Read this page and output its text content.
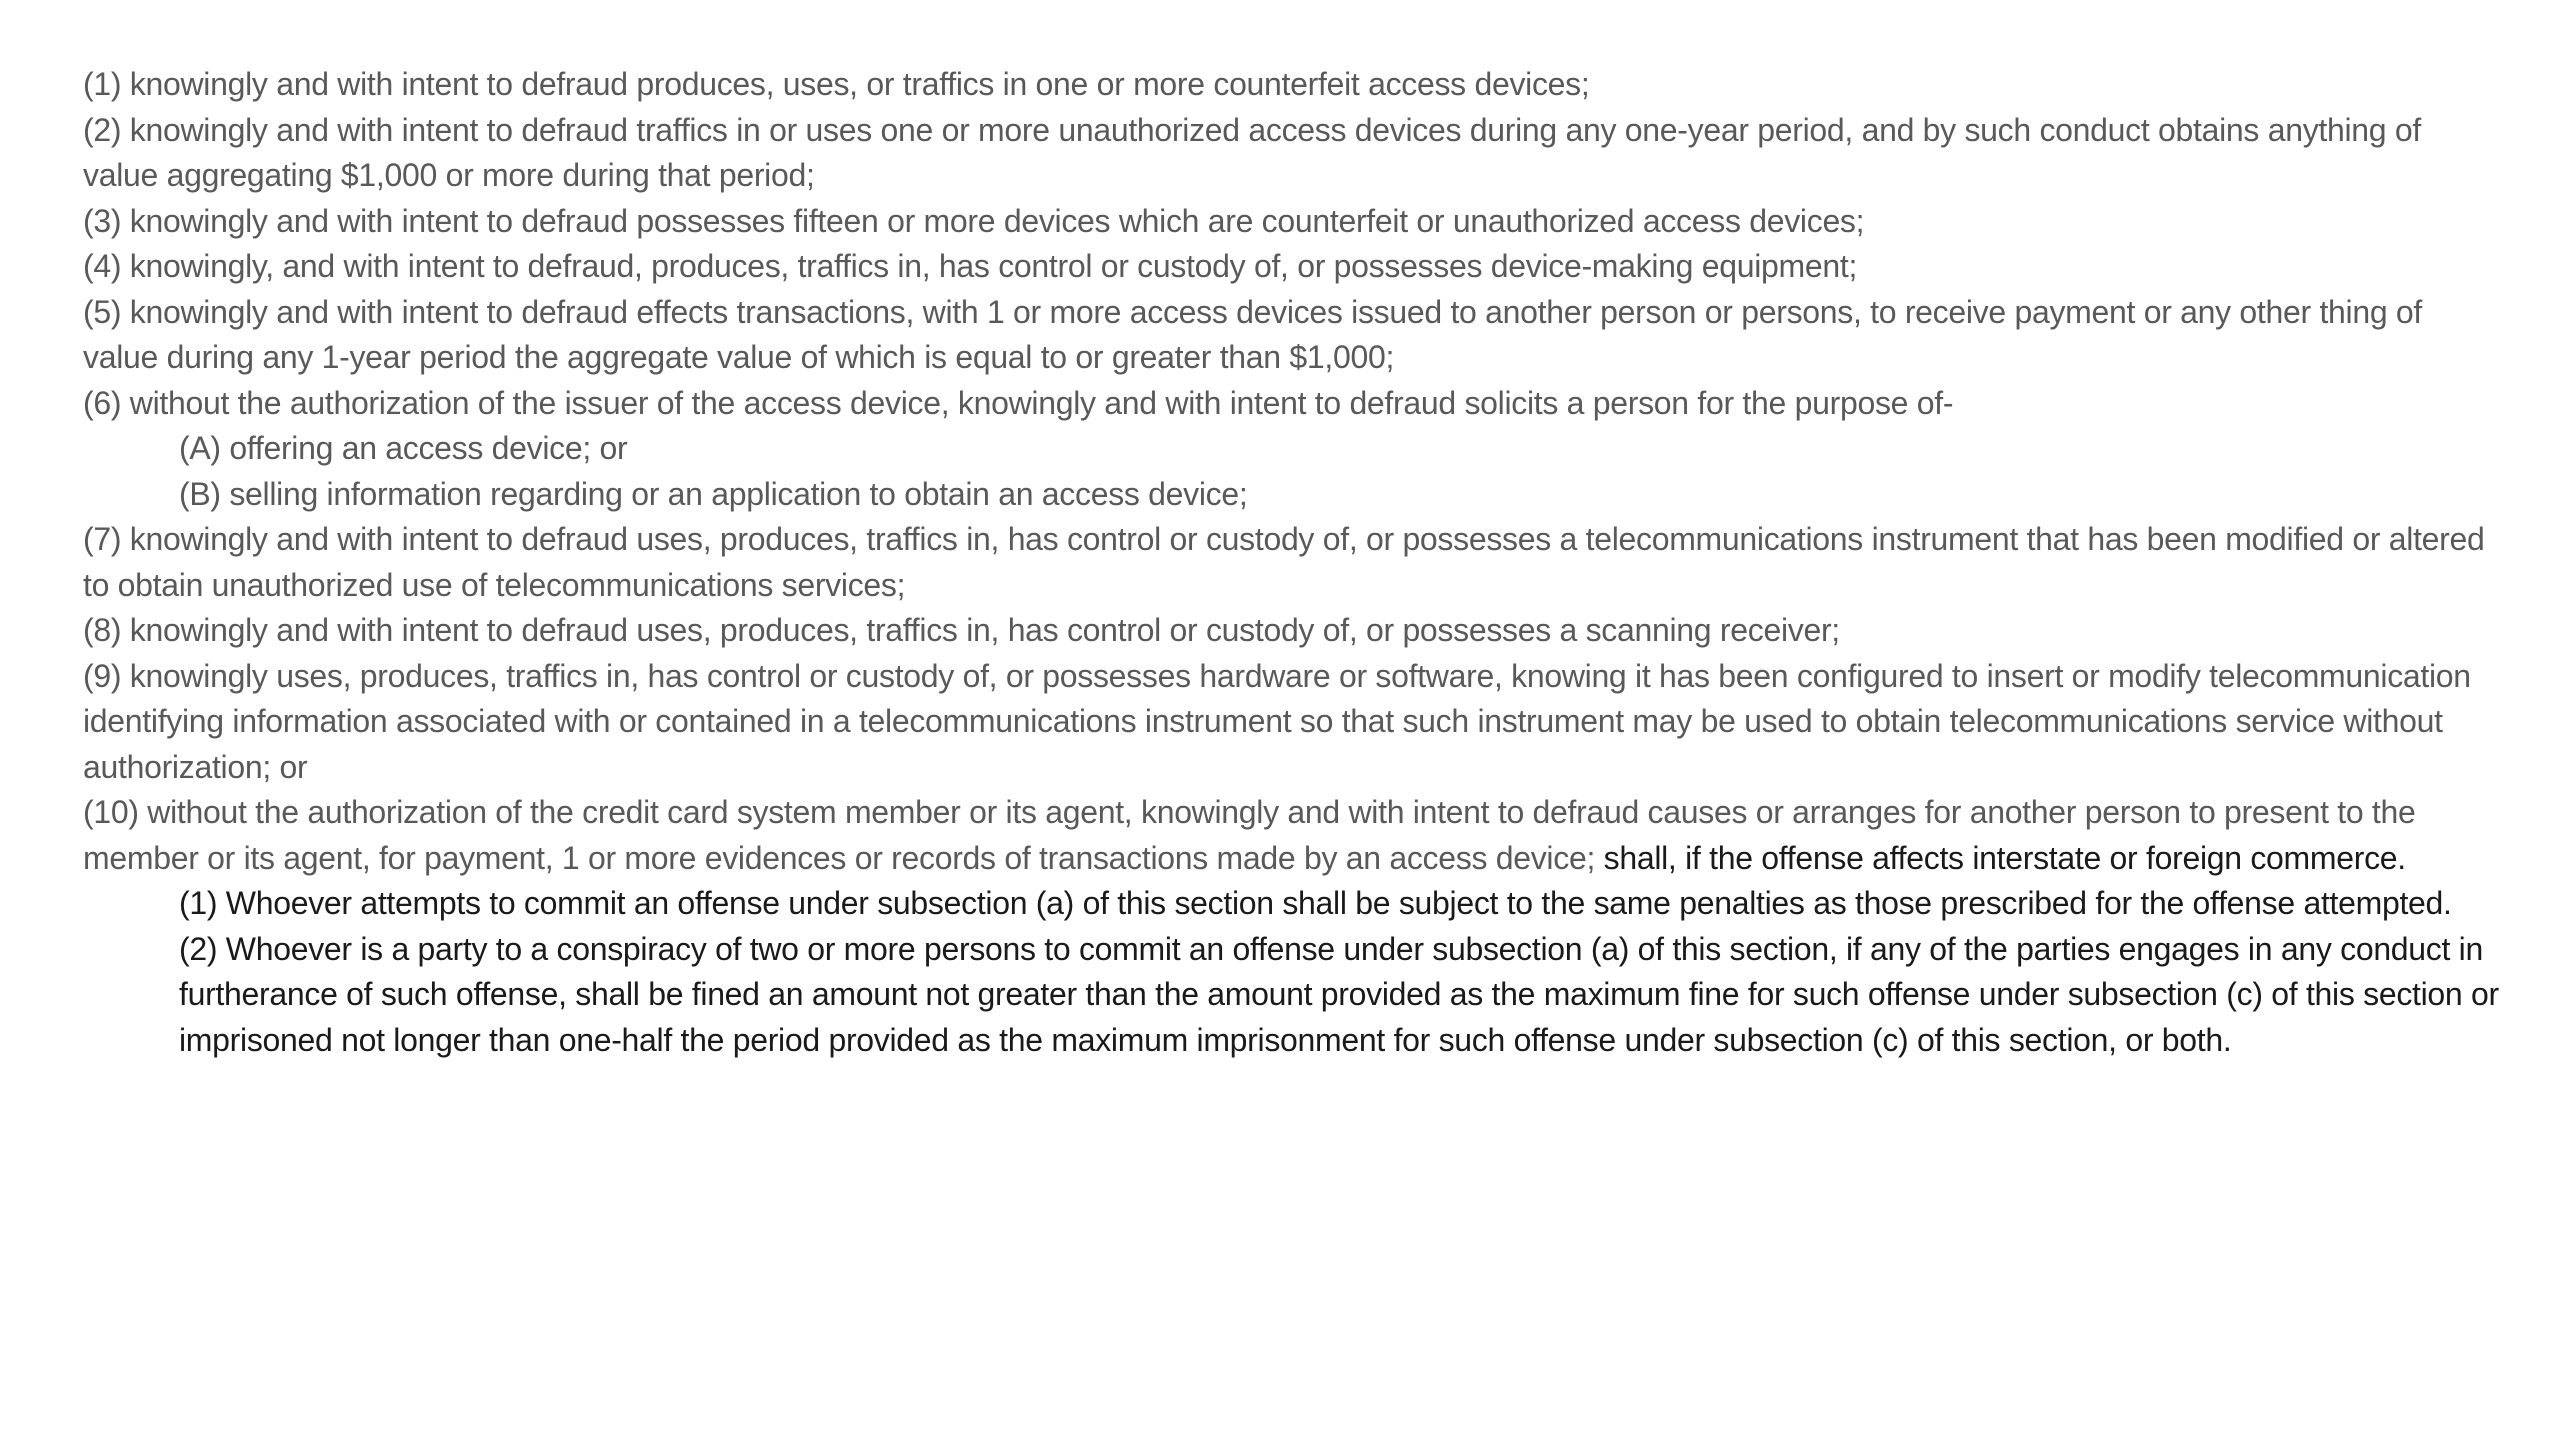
(1) knowingly and with intent to defraud produces, uses, or traffics in one or more counterfeit access devices;

(2) knowingly and with intent to defraud traffics in or uses one or more unauthorized access devices during any one-year period, and by such conduct obtains anything of value aggregating $1,000 or more during that period;

(3) knowingly and with intent to defraud possesses fifteen or more devices which are counterfeit or unauthorized access devices;

(4) knowingly, and with intent to defraud, produces, traffics in, has control or custody of, or possesses device-making equipment;

(5) knowingly and with intent to defraud effects transactions, with 1 or more access devices issued to another person or persons, to receive payment or any other thing of value during any 1-year period the aggregate value of which is equal to or greater than $1,000;

(6) without the authorization of the issuer of the access device, knowingly and with intent to defraud solicits a person for the purpose of-

(A) offering an access device; or

(B) selling information regarding or an application to obtain an access device;

(7) knowingly and with intent to defraud uses, produces, traffics in, has control or custody of, or possesses a telecommunications instrument that has been modified or altered to obtain unauthorized use of telecommunications services;

(8) knowingly and with intent to defraud uses, produces, traffics in, has control or custody of, or possesses a scanning receiver;

(9) knowingly uses, produces, traffics in, has control or custody of, or possesses hardware or software, knowing it has been configured to insert or modify telecommunication identifying information associated with or contained in a telecommunications instrument so that such instrument may be used to obtain telecommunications service without authorization; or

(10) without the authorization of the credit card system member or its agent, knowingly and with intent to defraud causes or arranges for another person to present to the member or its agent, for payment, 1 or more evidences or records of transactions made by an access device; shall, if the offense affects interstate or foreign commerce.

(1) Whoever attempts to commit an offense under subsection (a) of this section shall be subject to the same penalties as those prescribed for the offense attempted.

(2) Whoever is a party to a conspiracy of two or more persons to commit an offense under subsection (a) of this section, if any of the parties engages in any conduct in furtherance of such offense, shall be fined an amount not greater than the amount provided as the maximum fine for such offense under subsection (c) of this section or imprisoned not longer than one-half the period provided as the maximum imprisonment for such offense under subsection (c) of this section, or both.
